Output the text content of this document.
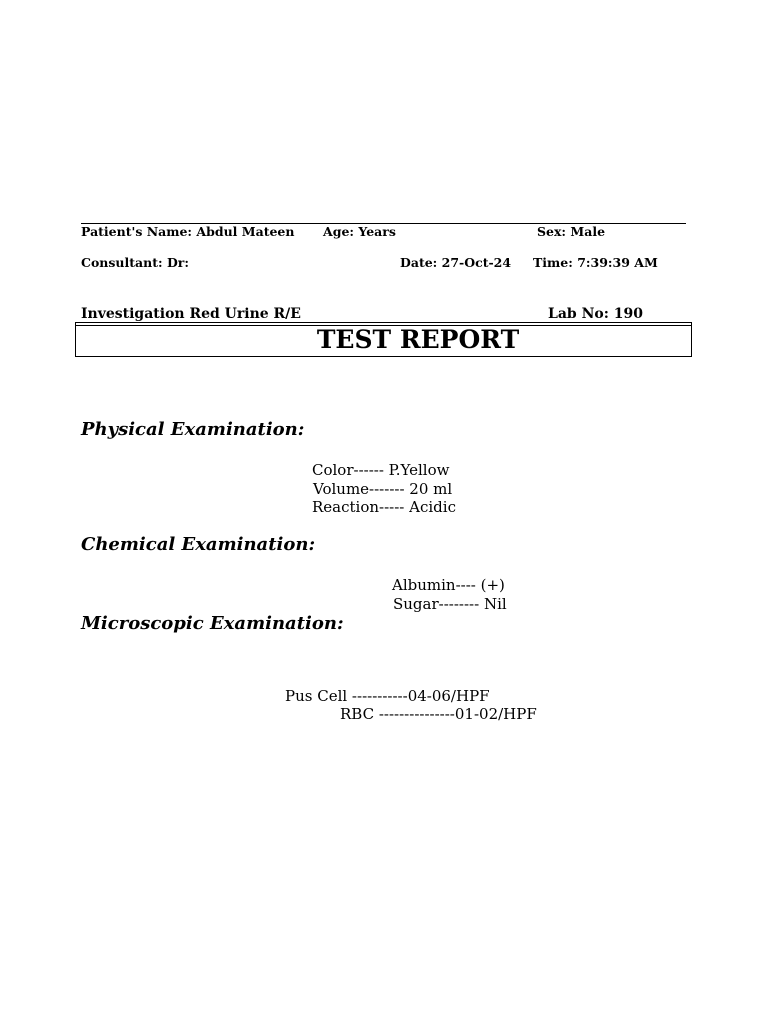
Patient's Name: Abdul Mateen Age: Years	Sex: Male
Consultant: Dr:	Date: 27-Oct-24 Time: 7:39:39 AM
Investigation Red Urine R/E	Lab No: 190
TEST REPORT
Physical Examination:
Color------ P.Yellow
Volume------- 20 ml
Reaction----- Acidic
Chemical Examination:
Albumin---- (+)
Sugar-------- Nil
Microscopic Examination:
Pus Cell -----------04-06/HPF
RBC ---------------01-02/HPF
